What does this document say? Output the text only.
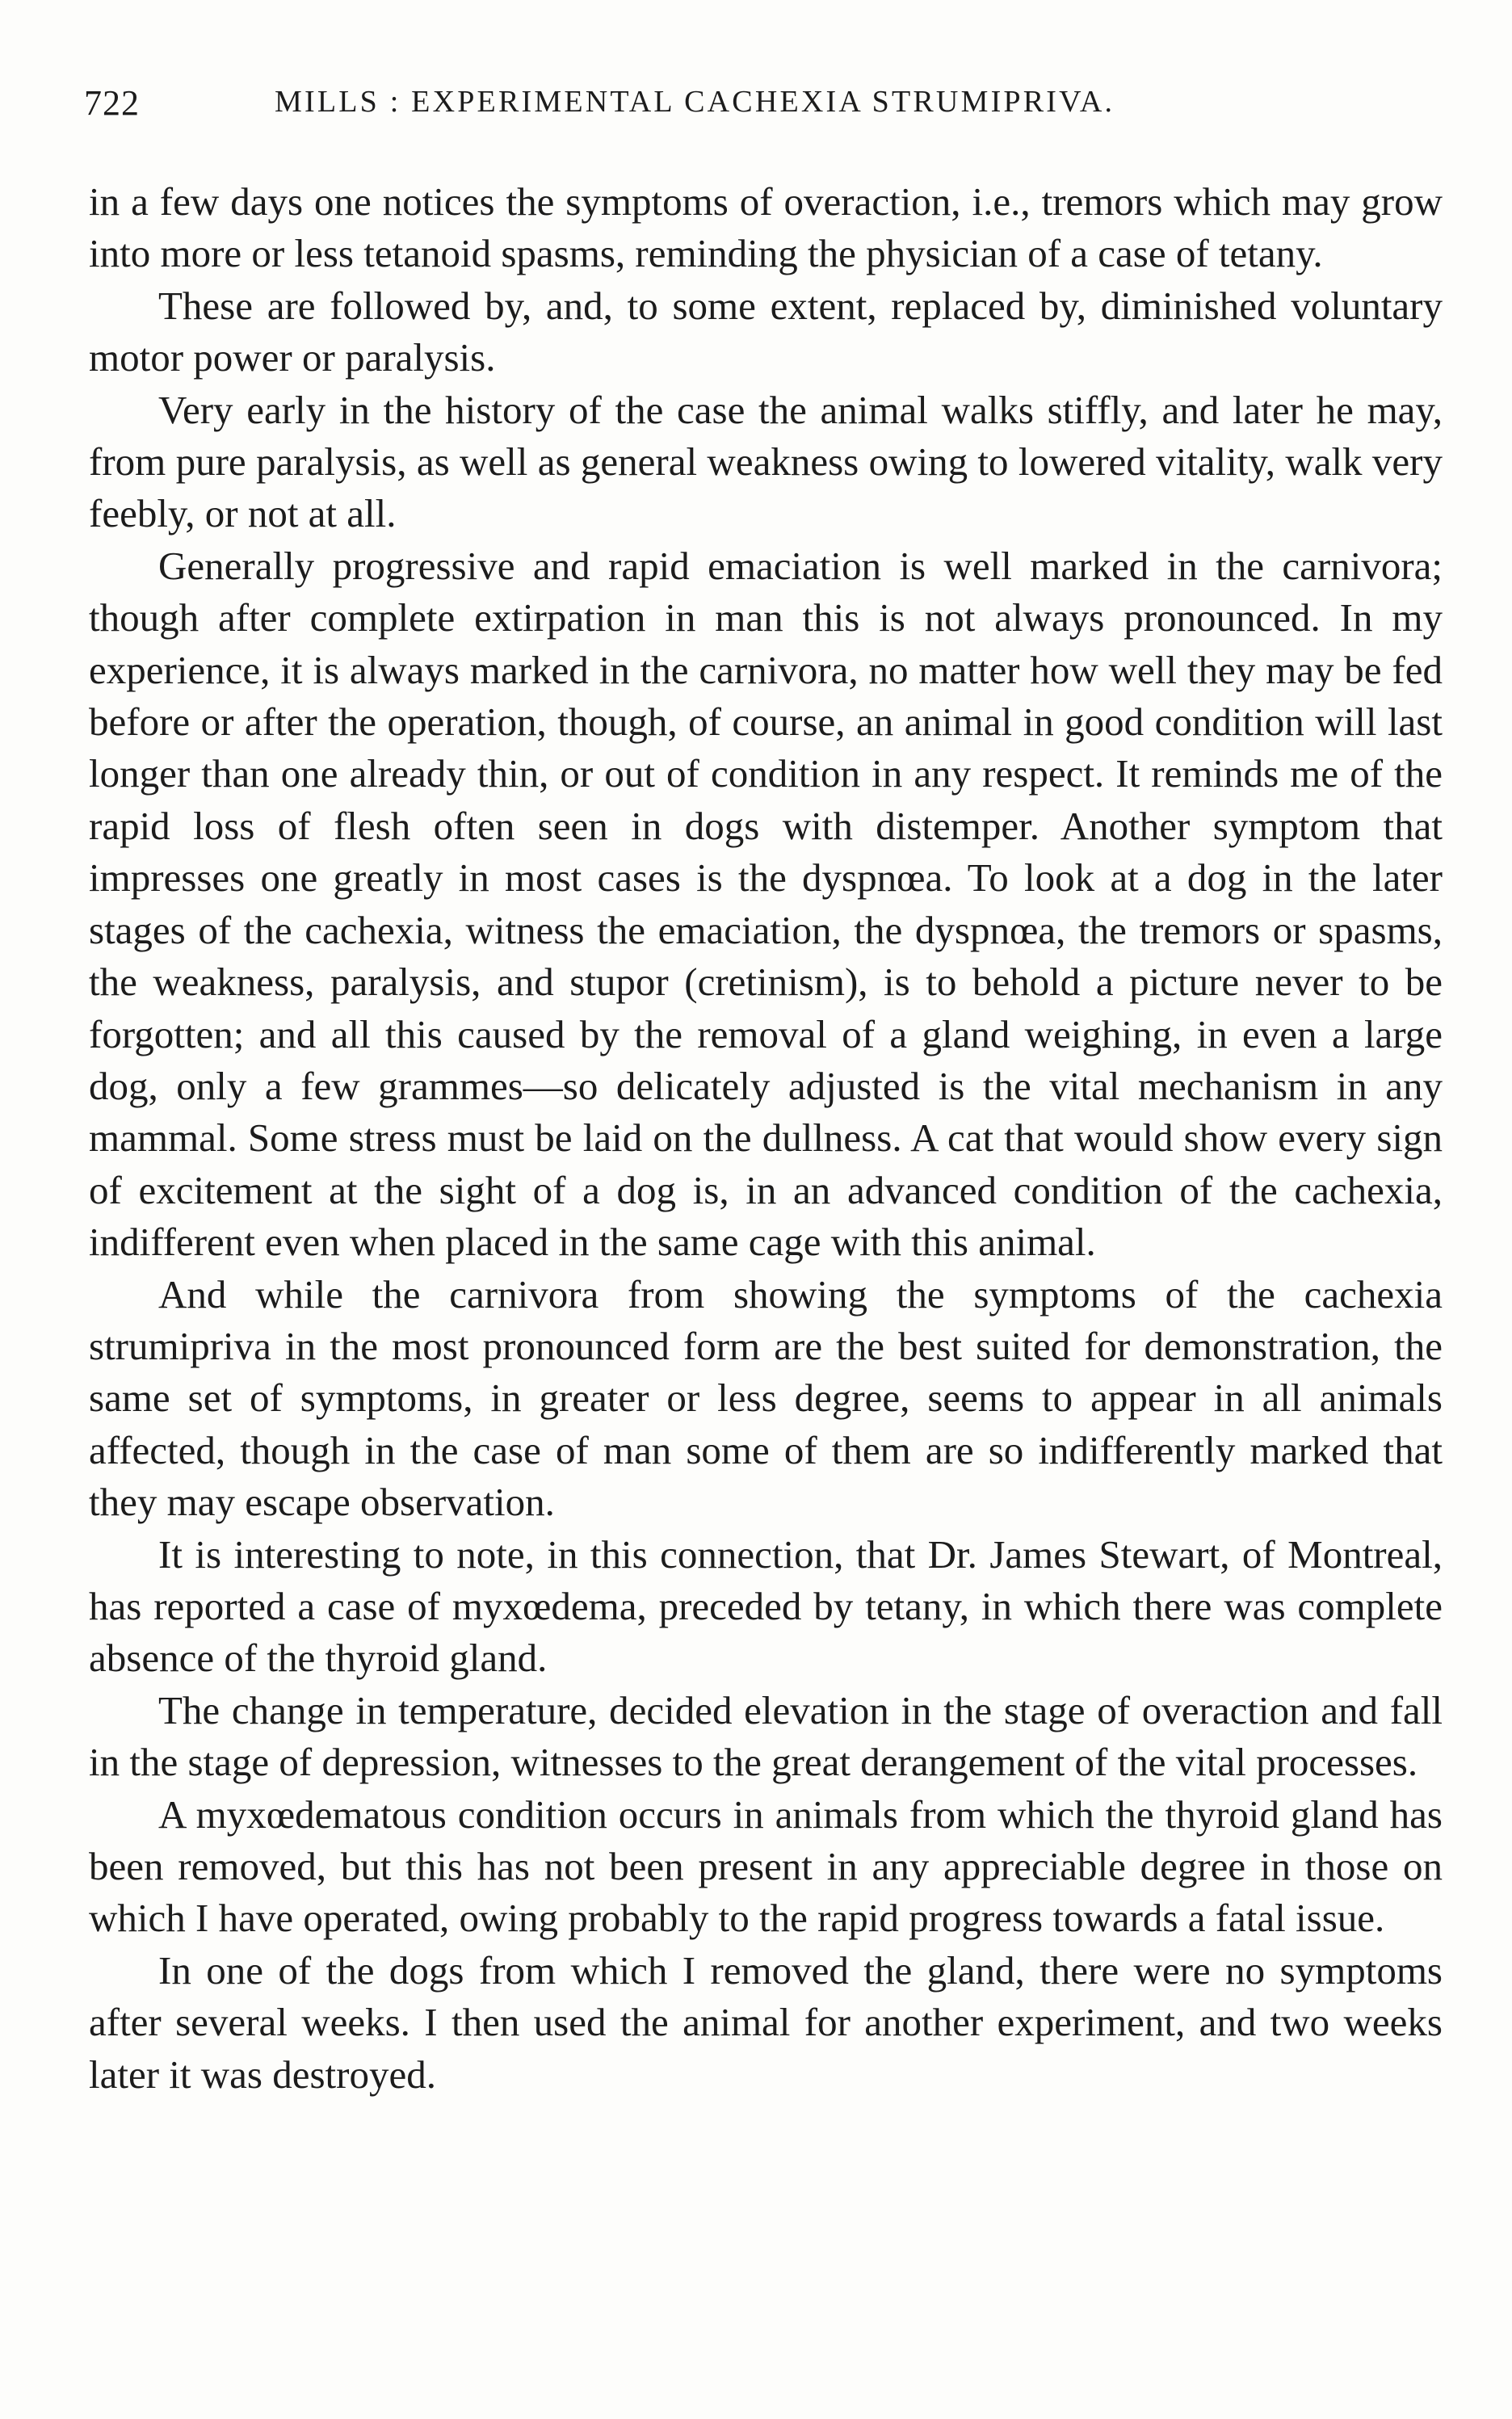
722	MILLS : EXPERIMENTAL CACHEXIA STRUMIPRIVA.

in a few days one notices the symptoms of overaction, i.e., tremors which may grow into more or less tetanoid spasms, reminding the physician of a case of tetany.

These are followed by, and, to some extent, replaced by, diminished voluntary motor power or paralysis.

Very early in the history of the case the animal walks stiffly, and later he may, from pure paralysis, as well as general weakness owing to lowered vitality, walk very feebly, or not at all.

Generally progressive and rapid emaciation is well marked in the carnivora; though after complete extirpation in man this is not always pronounced. In my experience, it is always marked in the carnivora, no matter how well they may be fed before or after the operation, though, of course, an animal in good condition will last longer than one already thin, or out of condition in any respect. It reminds me of the rapid loss of flesh often seen in dogs with distemper. Another symptom that impresses one greatly in most cases is the dyspnœa. To look at a dog in the later stages of the cachexia, witness the emaciation, the dyspnœa, the tremors or spasms, the weakness, paralysis, and stupor (cretinism), is to behold a picture never to be forgotten; and all this caused by the removal of a gland weighing, in even a large dog, only a few grammes—so delicately adjusted is the vital mechanism in any mammal. Some stress must be laid on the dullness. A cat that would show every sign of excitement at the sight of a dog is, in an advanced condition of the cachexia, indifferent even when placed in the same cage with this animal.

And while the carnivora from showing the symptoms of the cachexia strumipriva in the most pronounced form are the best suited for demonstration, the same set of symptoms, in greater or less degree, seems to appear in all animals affected, though in the case of man some of them are so indifferently marked that they may escape observation.

It is interesting to note, in this connection, that Dr. James Stewart, of Montreal, has reported a case of myxœdema, preceded by tetany, in which there was complete absence of the thyroid gland.

The change in temperature, decided elevation in the stage of overaction and fall in the stage of depression, witnesses to the great derangement of the vital processes.

A myxœdematous condition occurs in animals from which the thyroid gland has been removed, but this has not been present in any appreciable degree in those on which I have operated, owing probably to the rapid progress towards a fatal issue.

In one of the dogs from which I removed the gland, there were no symptoms after several weeks. I then used the animal for another experiment, and two weeks later it was destroyed.
